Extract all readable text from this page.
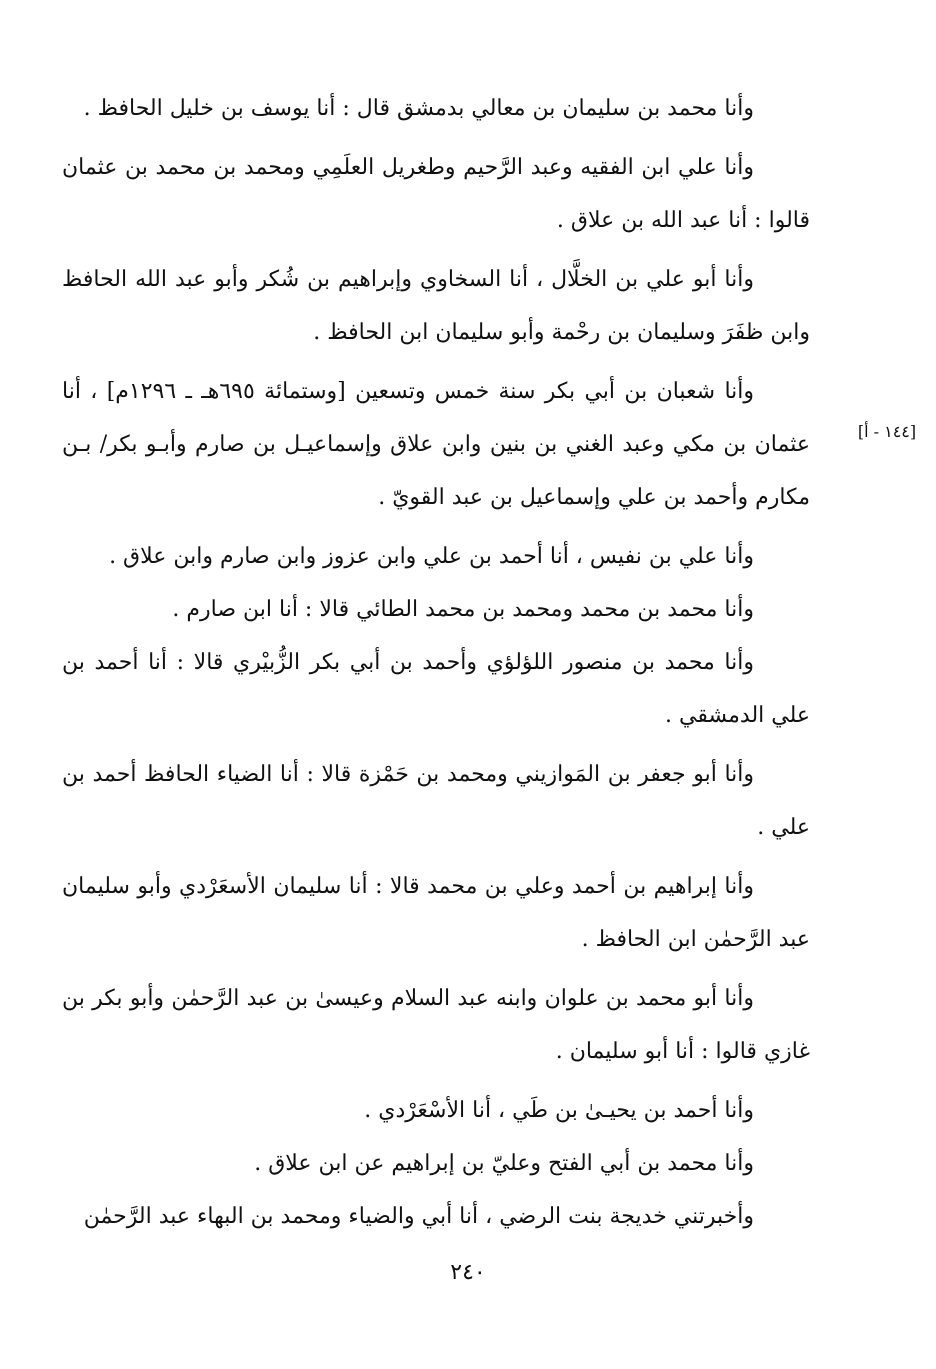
وأنا محمد بن سليمان بن معالي بدمشق قال : أنا يوسف بن خليل الحافظ .

وأنا علي ابن الفقيه وعبد الرَّحيم وطغريل العلَمِي ومحمد بن محمد بن عثمان قالوا : أنا عبد الله بن علاق .

وأنا أبو علي بن الخلَّال ، أنا السخاوي وإبراهيم بن شُكر وأبو عبد الله الحافظ وابن ظفَرَ وسليمان بن رحْمة وأبو سليمان ابن الحافظ .

وأنا شعبان بن أبي بكر سنة خمس وتسعين [وستمائة ٦٩٥هـ ـ ١٢٩٦م] ، أنا عثمان بن مكي وعبد الغني بن بنين وابن علاق وإسماعيـل بن صارم وأبـو بكر/ بـن مكارم وأحمد بن علي وإسماعيل بن عبد القويّ .

وأنا علي بن نفيس ، أنا أحمد بن علي وابن عزوز وابن صارم وابن علاق .

وأنا محمد بن محمد ومحمد بن محمد الطائي قالا : أنا ابن صارم .

وأنا محمد بن منصور اللؤلؤي وأحمد بن أبي بكر الزُّبيْري قالا : أنا أحمد بن علي الدمشقي .

وأنا أبو جعفر بن المَوازيني ومحمد بن حَمْزة قالا : أنا الضياء الحافظ أحمد بن علي .

وأنا إبراهيم بن أحمد وعلي بن محمد قالا : أنا سليمان الأسعَرْدي وأبو سليمان عبد الرَّحمٰن ابن الحافظ .

وأنا أبو محمد بن علوان وابنه عبد السلام وعيسىٰ بن عبد الرَّحمٰن وأبو بكر بن غازي قالوا : أنا أبو سليمان .

وأنا أحمد بن يحيـىٰ بن طَي ، أنا الأسْعَرْدي .

وأنا محمد بن أبي الفتح وعليّ بن إبراهيم عن ابن علاق .

وأخبرتني خديجة بنت الرضي ، أنا أبي والضياء ومحمد بن البهاء عبد الرَّحمٰن

[١٤٤ - أ]
٢٤٠
